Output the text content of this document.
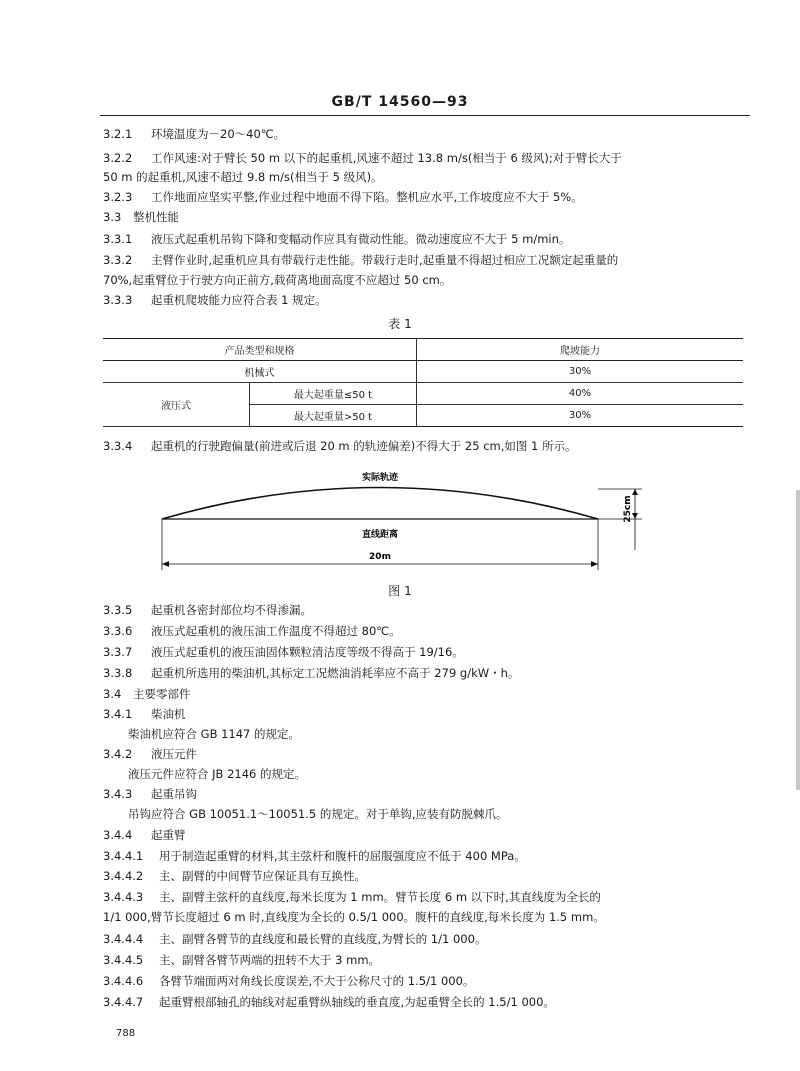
GB/T 14560—93
3.2.1 环境温度为－20～40℃。
3.2.2 工作风速:对于臂长 50 m 以下的起重机,风速不超过 13.8 m/s(相当于 6 级风);对于臂长大于
50 m 的起重机,风速不超过 9.8 m/s(相当于 5 级风)。
3.2.3 工作地面应坚实平整,作业过程中地面不得下陷。整机应水平,工作坡度应不大于 5%。
3.3 整机性能
3.3.1 液压式起重机吊钩下降和变幅动作应具有微动性能。微动速度应不大于 5 m/min。
3.3.2 主臂作业时,起重机应具有带载行走性能。带载行走时,起重量不得超过相应工况额定起重量的
70%,起重臂位于行驶方向正前方,载荷离地面高度不应超过 50 cm。
3.3.3 起重机爬坡能力应符合表 1 规定。
表 1
产品类型和规格		爬坡能力
机械式		30%
液压式	最大起重量≤50 t	40%
	最大起重量>50 t	30%
3.3.4 起重机的行驶跑偏量(前进或后退 20 m 的轨迹偏差)不得大于 25 cm,如图 1 所示。
实际轨迹
直线距离
20m
25cm
图 1
3.3.5 起重机各密封部位均不得渗漏。
3.3.6 液压式起重机的液压油工作温度不得超过 80℃。
3.3.7 液压式起重机的液压油固体颗粒清洁度等级不得高于 19/16。
3.3.8 起重机所选用的柴油机,其标定工况燃油消耗率应不高于 279 g/kW・h。
3.4 主要零部件
3.4.1 柴油机
柴油机应符合 GB 1147 的规定。
3.4.2 液压元件
液压元件应符合 JB 2146 的规定。
3.4.3 起重吊钩
吊钩应符合 GB 10051.1～10051.5 的规定。对于单钩,应装有防脱棘爪。
3.4.4 起重臂
3.4.4.1 用于制造起重臂的材料,其主弦杆和腹杆的屈服强度应不低于 400 MPa。
3.4.4.2 主、副臂的中间臂节应保证具有互换性。
3.4.4.3 主、副臂主弦杆的直线度,每米长度为 1 mm。臂节长度 6 m 以下时,其直线度为全长的
1/1 000,臂节长度超过 6 m 时,直线度为全长的 0.5/1 000。腹杆的直线度,每米长度为 1.5 mm。
3.4.4.4 主、副臂各臂节的直线度和最长臂的直线度,为臂长的 1/1 000。
3.4.4.5 主、副臂各臂节两端的扭转不大于 3 mm。
3.4.4.6 各臂节端面两对角线长度误差,不大于公称尺寸的 1.5/1 000。
3.4.4.7 起重臂根部轴孔的轴线对起重臂纵轴线的垂直度,为起重臂全长的 1.5/1 000。
788
